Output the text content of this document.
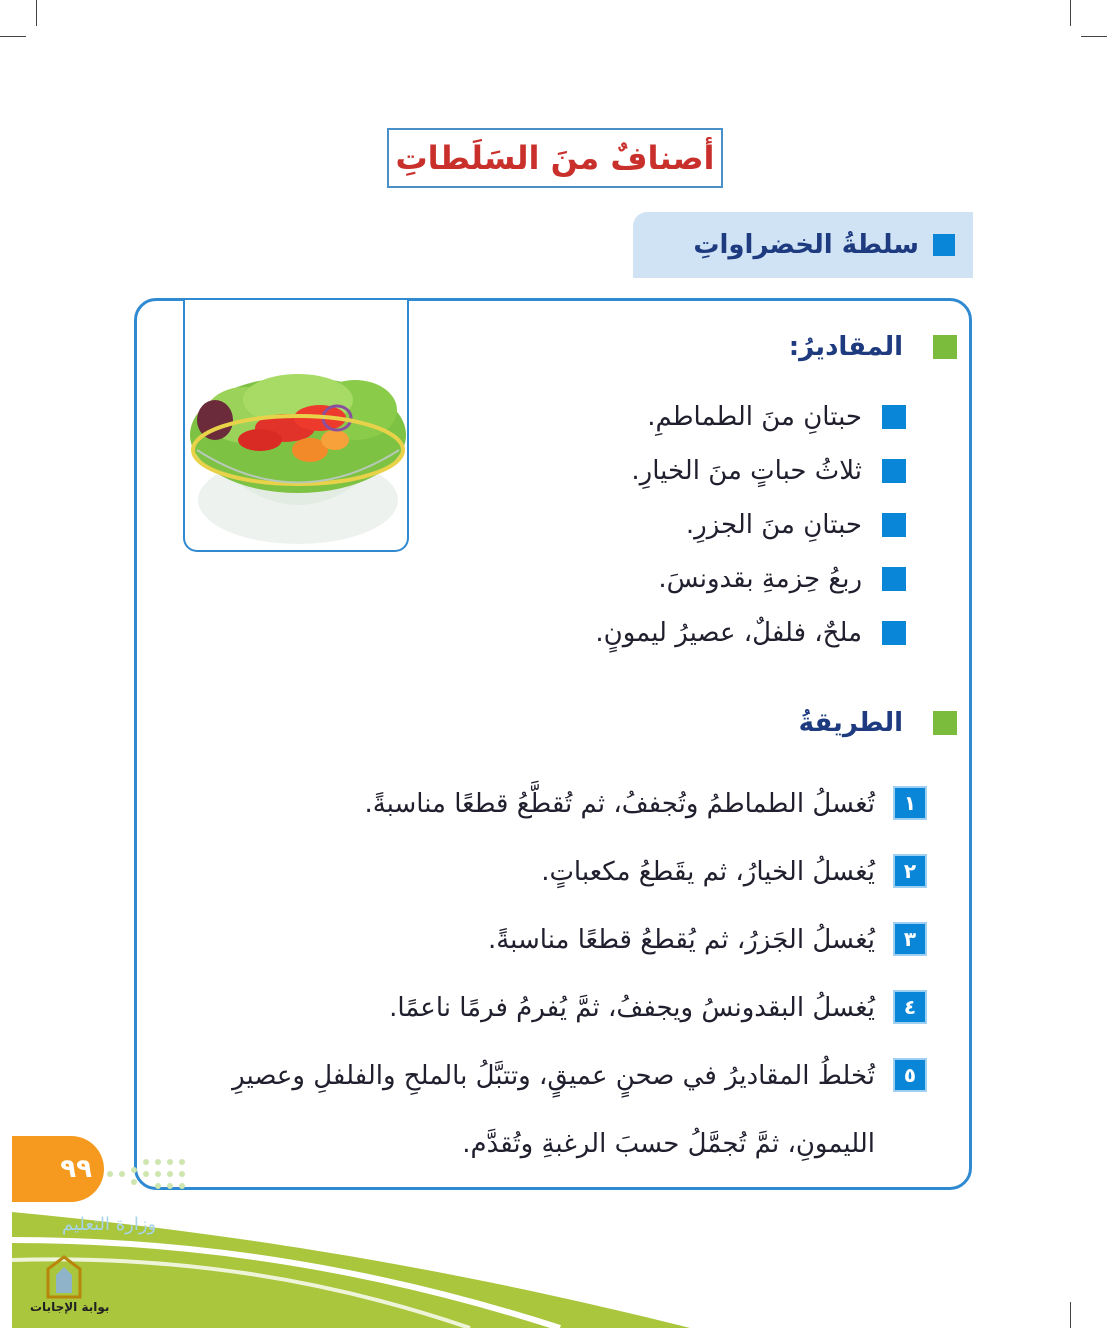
أصنافٌ منَ السَلَطاتِ
سلطةُ الخضراواتِ
المقاديرُ:
حبتانِ منَ الطماطمِ.
ثلاثُ حباتٍ منَ الخيارِ.
حبتانِ منَ الجزرِ.
ربعُ حِزمةِ بقدونسَ.
ملحٌ، فلفلٌ، عصيرُ ليمونٍ.
الطريقةُ
١
تُغسلُ الطماطمُ وتُجففُ، ثم تُقطَّعُ قطعًا مناسبةً.
٢
يُغسلُ الخيارُ، ثم يقَطعُ مكعباتٍ.
٣
يُغسلُ الجَزرُ، ثم يُقطعُ قطعًا مناسبةً.
٤
يُغسلُ البقدونسُ ويجففُ، ثمَّ يُفرمُ فرمًا ناعمًا.
٥
تُخلطُ المقاديرُ في صحنٍ عميقٍ، وتتبَّلُ بالملحِ والفلفلِ وعصيرِ الليمونِ، ثمَّ تُجمَّلُ حسبَ الرغبةِ وتُقدَّم.
٩٩
وزارة التعليم
بوابة الإجابات
